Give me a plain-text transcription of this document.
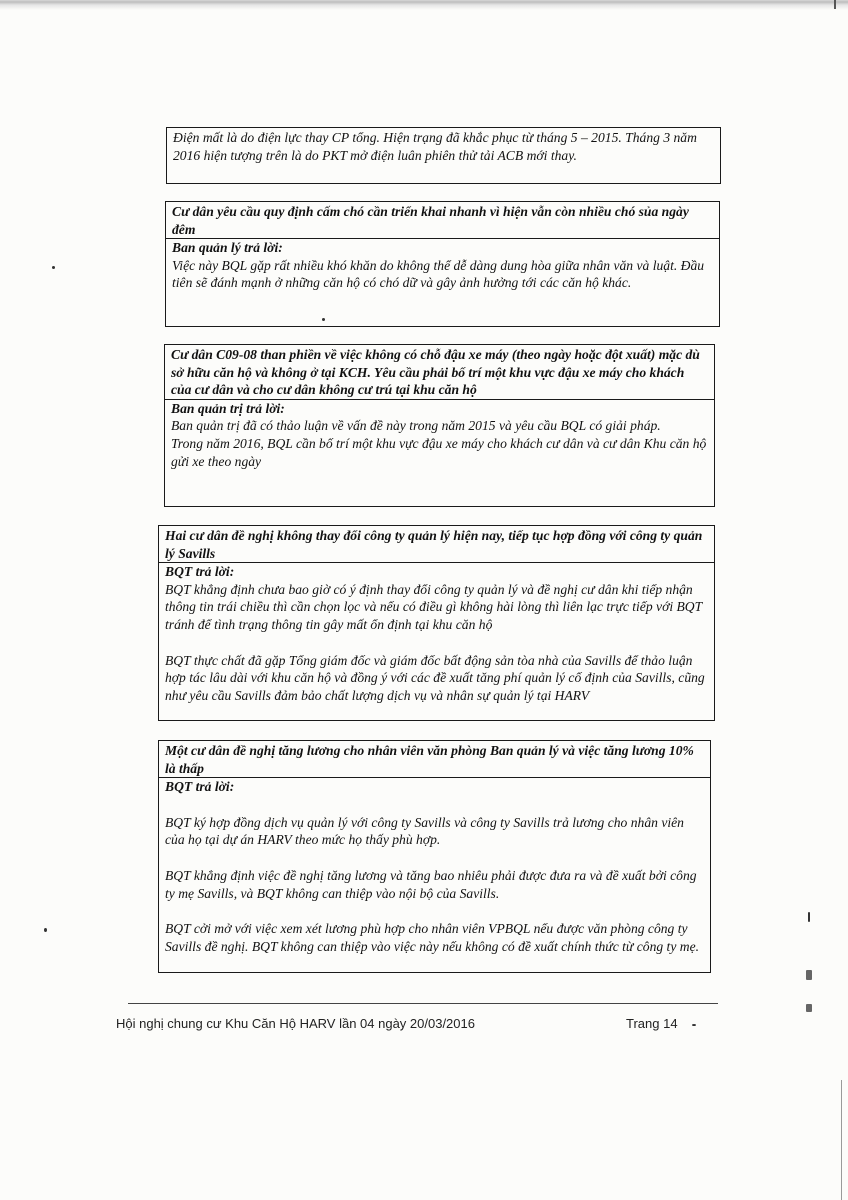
Điện mất là do điện lực thay CP tổng. Hiện trạng đã khắc phục từ tháng 5 – 2015. Tháng 3 năm 2016 hiện tượng trên là do PKT mở điện luân phiên thử tải ACB mới thay.

Cư dân yêu cầu quy định cấm chó cần triển khai nhanh vì hiện vẫn còn nhiều chó sủa ngày đêm
Ban quản lý trả lời:

Việc này BQL gặp rất nhiều khó khăn do không thể dễ dàng dung hòa giữa nhân văn và luật. Đầu tiên sẽ đánh mạnh ở những căn hộ có chó dữ và gây ảnh hưởng tới các căn hộ khác.

Cư dân C09-08 than phiền về việc không có chỗ đậu xe máy (theo ngày hoặc đột xuất) mặc dù sở hữu căn hộ và không ở tại KCH. Yêu cầu phải bố trí một khu vực đậu xe máy cho khách của cư dân và cho cư dân không cư trú tại khu căn hộ
Ban quản trị trả lời:

Ban quản trị đã có thảo luận về vấn đề này trong năm 2015 và yêu cầu BQL có giải pháp.

Trong năm 2016, BQL cần bố trí một khu vực đậu xe máy cho khách cư dân và cư dân Khu căn hộ gửi xe theo ngày

Hai cư dân đề nghị không thay đổi công ty quản lý hiện nay, tiếp tục hợp đồng với công ty quản lý Savills
BQT trả lời:

BQT khẳng định chưa bao giờ có ý định thay đổi công ty quản lý và đề nghị cư dân khi tiếp nhận thông tin trái chiều thì cần chọn lọc và nếu có điều gì không hài lòng thì liên lạc trực tiếp với BQT tránh để tình trạng thông tin gây mất ổn định tại khu căn hộ

BQT thực chất đã gặp Tổng giám đốc và giám đốc bất động sản tòa nhà của Savills để thảo luận hợp tác lâu dài với khu căn hộ và đồng ý với các đề xuất tăng phí quản lý cố định của Savills, cũng như yêu cầu Savills đảm bảo chất lượng dịch vụ và nhân sự quản lý tại HARV

Một cư dân đề nghị tăng lương cho nhân viên văn phòng Ban quản lý và việc tăng lương 10% là thấp
BQT trả lời:

BQT ký hợp đồng dịch vụ quản lý với công ty Savills và công ty Savills trả lương cho nhân viên của họ tại dự án HARV theo mức họ thấy phù hợp.

BQT khẳng định việc đề nghị tăng lương và tăng bao nhiêu phải được đưa ra và đề xuất bởi công ty mẹ Savills, và BQT không can thiệp vào nội bộ của Savills.

BQT cởi mở với việc xem xét lương phù hợp cho nhân viên VPBQL nếu được văn phòng công ty Savills đề nghị. BQT không can thiệp vào việc này nếu không có đề xuất chính thức từ công ty mẹ.

Hội nghị chung cư Khu Căn Hộ HARV lần 04 ngày 20/03/2016	Trang 14
